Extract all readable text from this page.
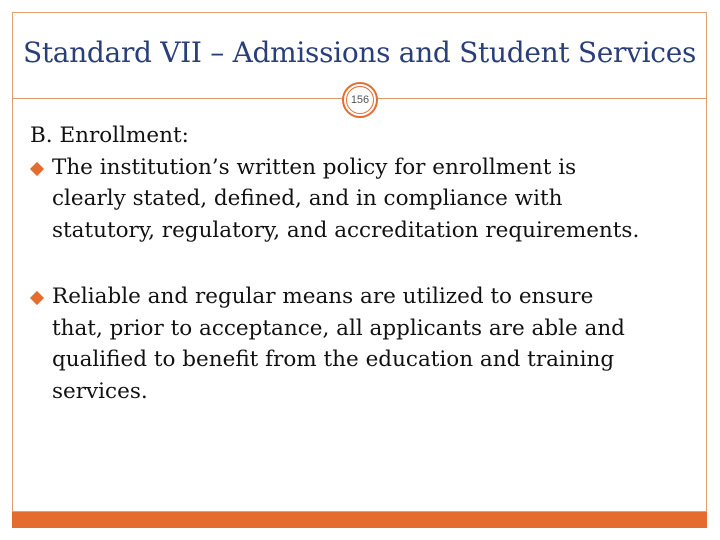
Standard VII – Admissions and Student Services
156

B. Enrollment:

The institution’s written policy for enrollment is
clearly stated, defined, and in compliance with
statutory, regulatory, and accreditation requirements.
Reliable and regular means are utilized to ensure
that, prior to acceptance, all applicants are able and
qualified to benefit from the education and training
services.
